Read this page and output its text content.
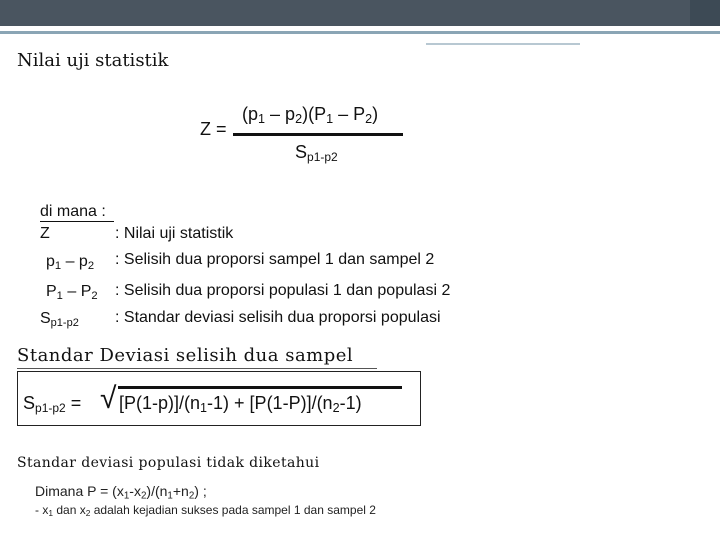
Nilai uji statistik
Z =
$(p_1 - p_2)(P_1 - P_2)$
$S_{p1-p2}$
di mana :
Z	: Nilai uji statistik
$p_1 - p_2$ : Selisih dua proporsi sampel 1 dan sampel 2
$P_1 - P_2$ : Selisih dua proporsi populasi 1 dan populasi 2
$S_{p1-p2}$ : Standar deviasi selisih dua proporsi populasi
Standar Deviasi selisih dua sampel
$S_{p1-p2}$ = √ $[P(1-p)]/(n_1-1) + [P(1-P)]/(n_2-1)$
Standar deviasi populasi tidak diketahui
Dimana $P = (x_1-x_2)/(n_1+n_2)$ ;
- $x_1$ dan $x_2$ adalah kejadian sukses pada sampel 1 dan sampel 2
